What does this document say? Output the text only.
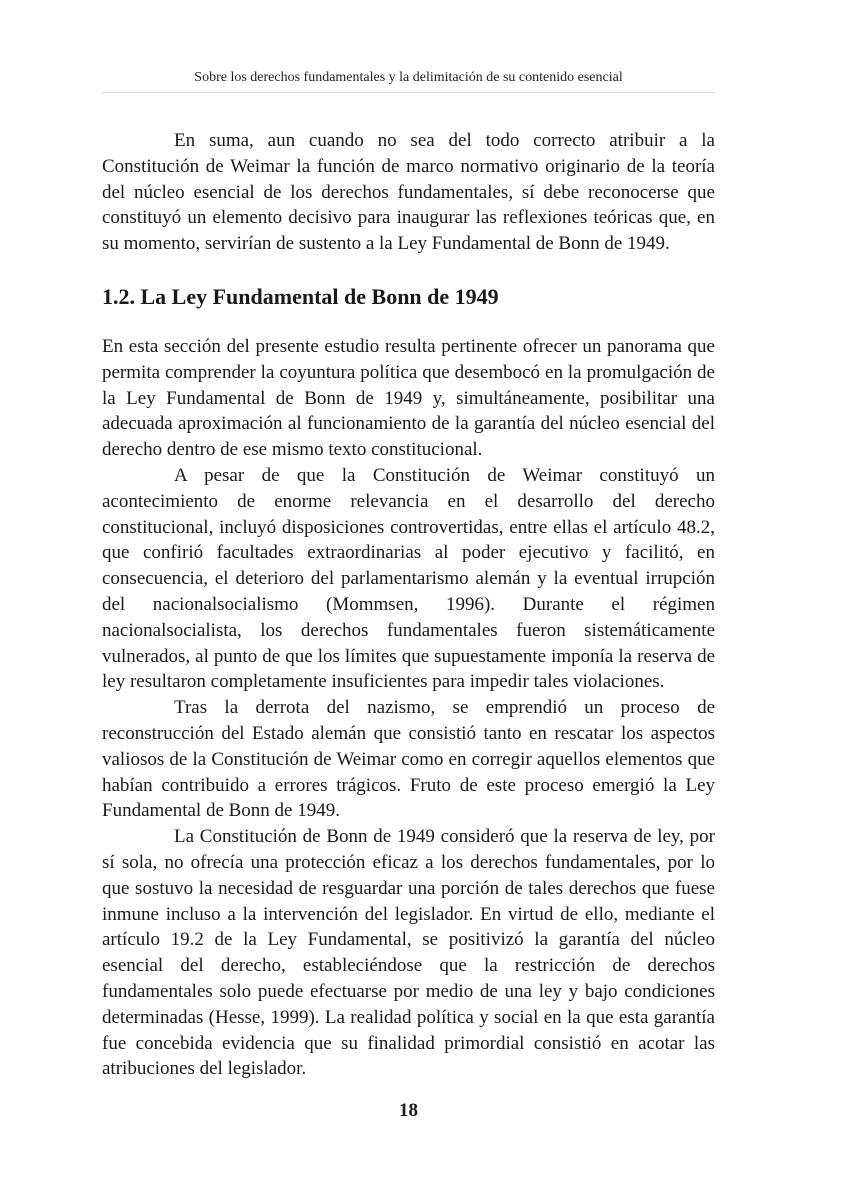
Sobre los derechos fundamentales y la delimitación de su contenido esencial

En suma, aun cuando no sea del todo correcto atribuir a la Constitución de Weimar la función de marco normativo originario de la teoría del núcleo esencial de los derechos fundamentales, sí debe reconocerse que constituyó un elemento decisivo para inaugurar las reflexiones teóricas que, en su momento, servirían de sustento a la Ley Fundamental de Bonn de 1949.

1.2. La Ley Fundamental de Bonn de 1949

En esta sección del presente estudio resulta pertinente ofrecer un panorama que permita comprender la coyuntura política que desembocó en la promulgación de la Ley Fundamental de Bonn de 1949 y, simultáneamente, posibilitar una adecuada aproximación al funcionamiento de la garantía del núcleo esencial del derecho dentro de ese mismo texto constitucional.

A pesar de que la Constitución de Weimar constituyó un acontecimiento de enorme relevancia en el desarrollo del derecho constitucional, incluyó disposiciones controvertidas, entre ellas el artículo 48.2, que confirió facultades extraordinarias al poder ejecutivo y facilitó, en consecuencia, el deterioro del parlamentarismo alemán y la eventual irrupción del nacionalsocialismo (Mommsen, 1996). Durante el régimen nacionalsocialista, los derechos fundamentales fueron sistemáticamente vulnerados, al punto de que los límites que supuestamente imponía la reserva de ley resultaron completamente insuficientes para impedir tales violaciones.

Tras la derrota del nazismo, se emprendió un proceso de reconstrucción del Estado alemán que consistió tanto en rescatar los aspectos valiosos de la Constitución de Weimar como en corregir aquellos elementos que habían contribuido a errores trágicos. Fruto de este proceso emergió la Ley Fundamental de Bonn de 1949.

La Constitución de Bonn de 1949 consideró que la reserva de ley, por sí sola, no ofrecía una protección eficaz a los derechos fundamentales, por lo que sostuvo la necesidad de resguardar una porción de tales derechos que fuese inmune incluso a la intervención del legislador. En virtud de ello, mediante el artículo 19.2 de la Ley Fundamental, se positivizó la garantía del núcleo esencial del derecho, estableciéndose que la restricción de derechos fundamentales solo puede efectuarse por medio de una ley y bajo condiciones determinadas (Hesse, 1999). La realidad política y social en la que esta garantía fue concebida evidencia que su finalidad primordial consistió en acotar las atribuciones del legislador.

18
